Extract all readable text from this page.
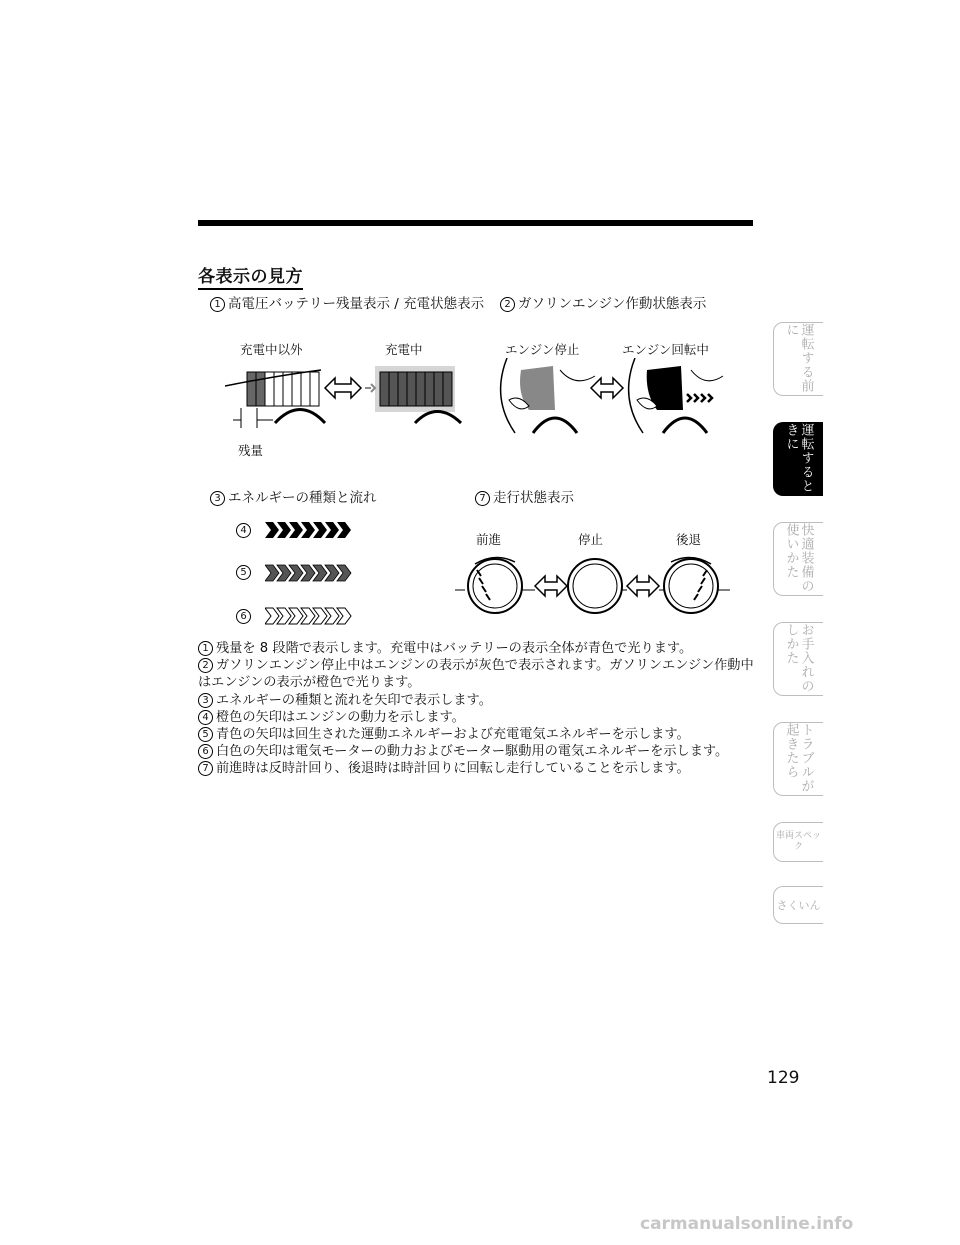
各表示の見方
1 高電圧バッテリー残量表示 / 充電状態表示	2 ガソリンエンジン作動状態表示
充電中以外	充電中	エンジン停止	エンジン回転中
残量
3 エネルギーの種類と流れ	7 走行状態表示
4
5
6
前進	停止	後退

1 残量を 8 段階で表示します。充電中はバッテリーの表示全体が青色で光ります。

2 ガソリンエンジン停止中はエンジンの表示が灰色で表示されます。ガソリンエンジン作動中はエンジンの表示が橙色で光ります。

3 エネルギーの種類と流れを矢印で表示します。

4 橙色の矢印はエンジンの動力を示します。

5 青色の矢印は回生された運動エネルギーおよび充電電気エネルギーを示します。

6 白色の矢印は電気モーターの動力およびモーター駆動用の電気エネルギーを示します。

7 前進時は反時計回り、後退時は時計回りに回転し走行していることを示します。

運転する前に
運転するときに
快適装備の使いかた
お手入れのしかた
トラブルが起きたら
車両スペック
さくいん
129
carmanualsonline.info
